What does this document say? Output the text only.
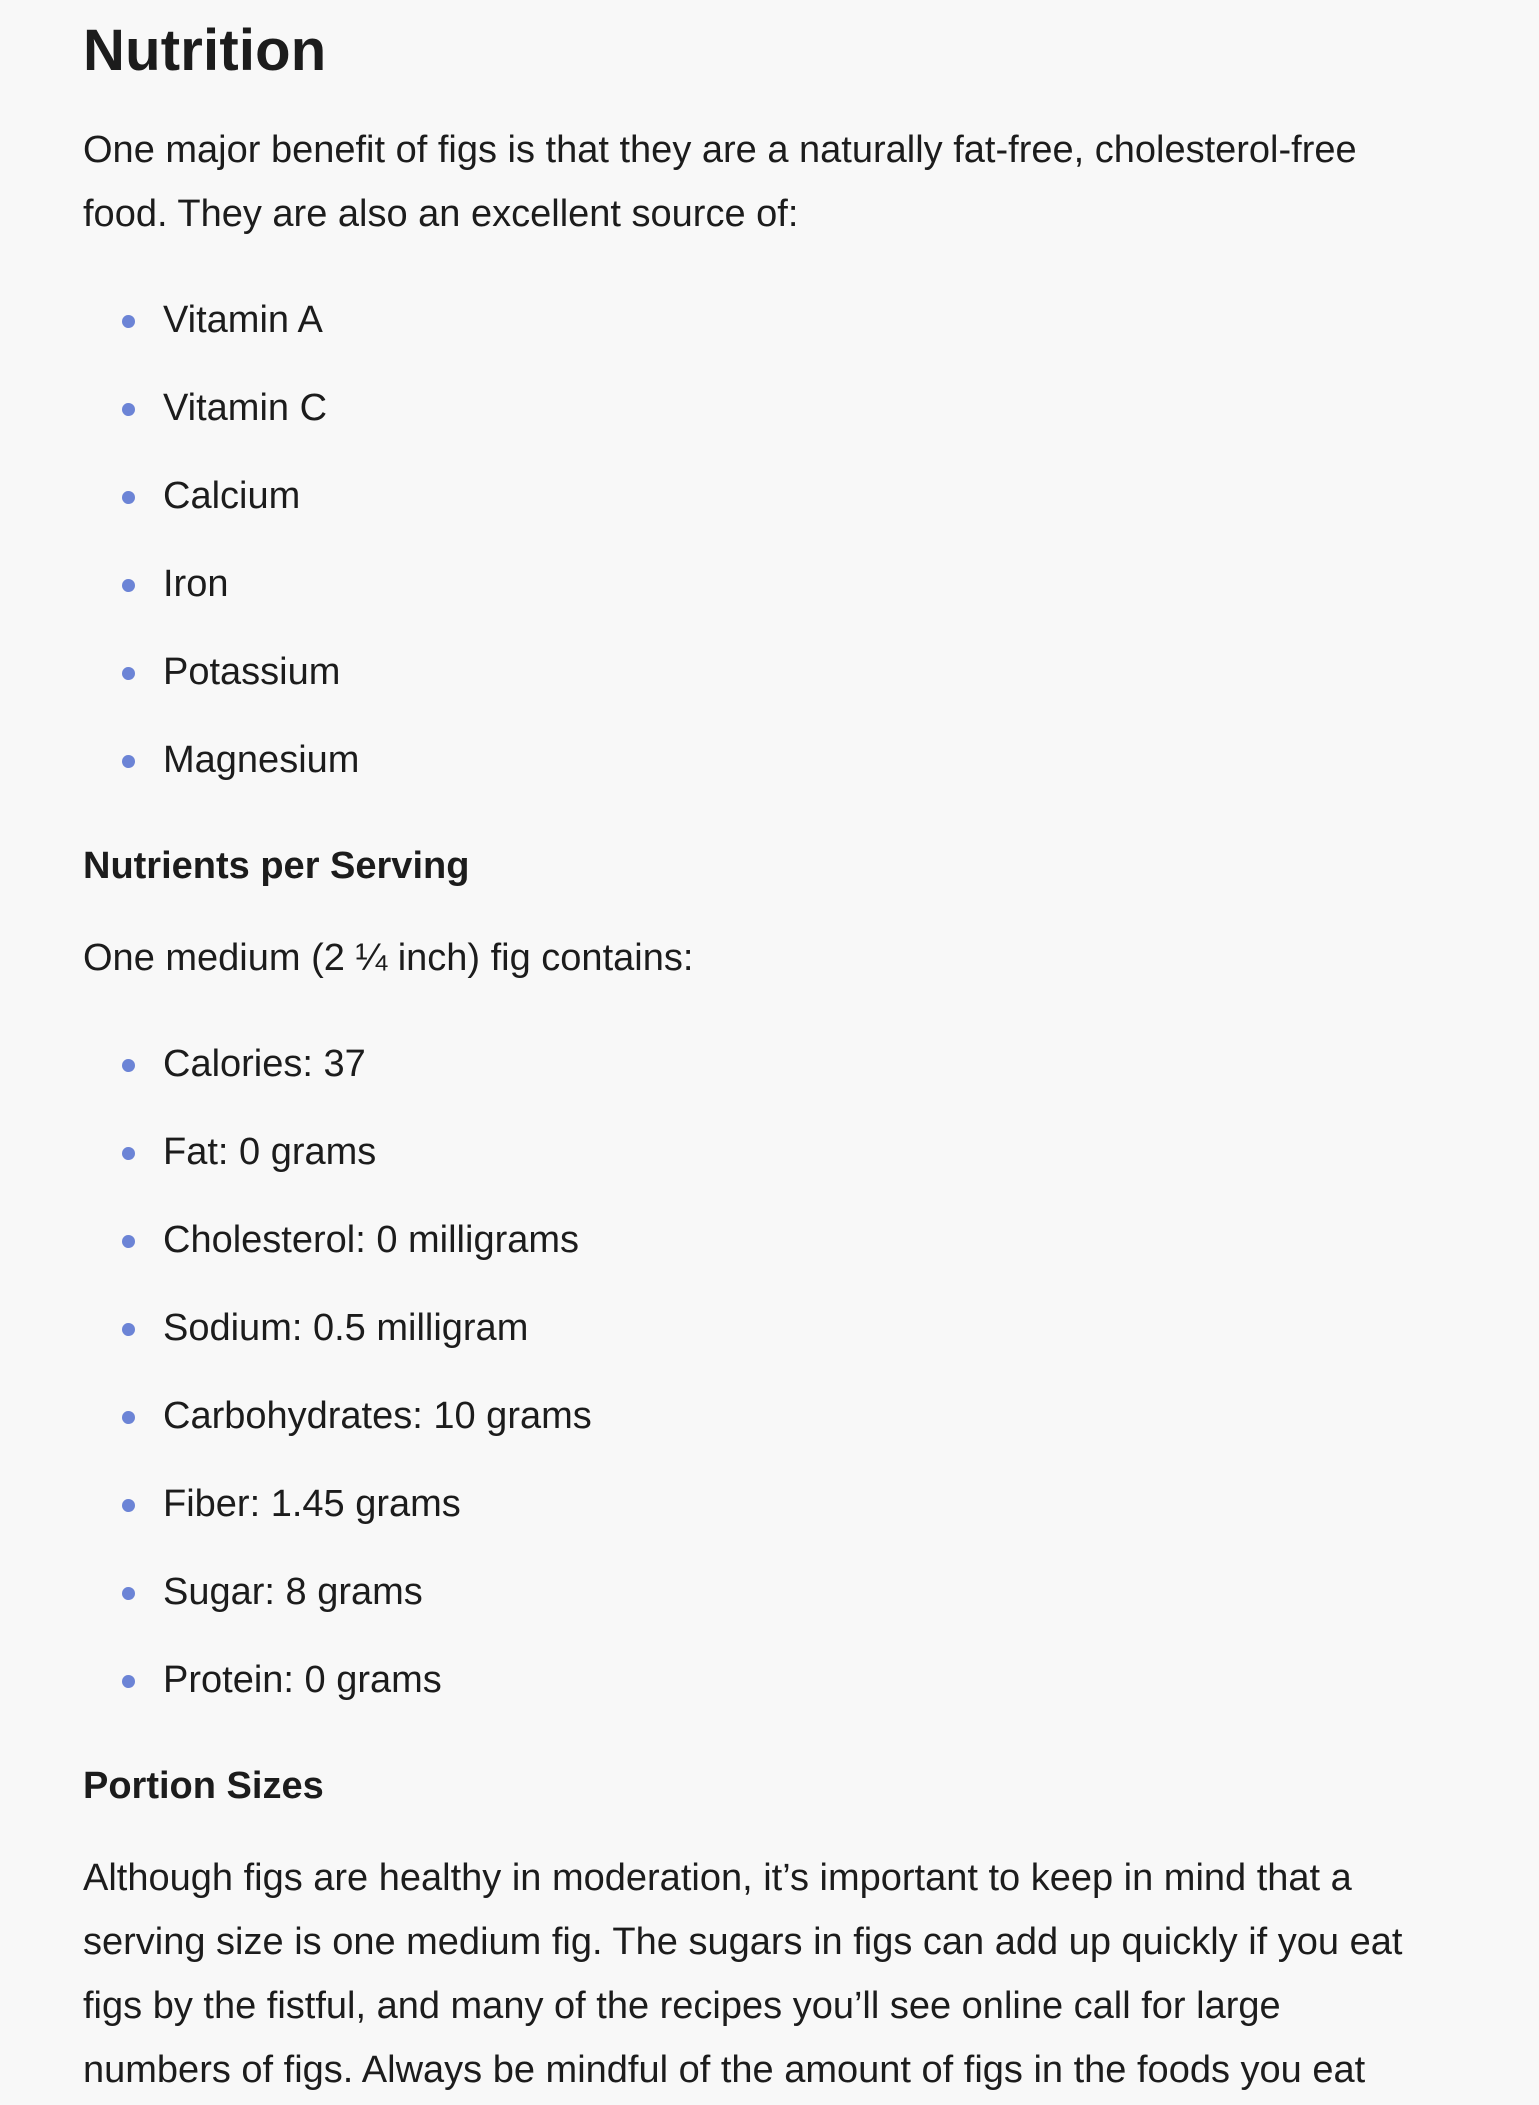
Nutrition

One major benefit of figs is that they are a naturally fat-free, cholesterol-free food. They are also an excellent source of:

Vitamin A
Vitamin C
Calcium
Iron
Potassium
Magnesium
Nutrients per Serving

One medium (2 ¼ inch) fig contains:

Calories: 37
Fat: 0 grams
Cholesterol: 0 milligrams
Sodium: 0.5 milligram
Carbohydrates: 10 grams
Fiber: 1.45 grams
Sugar: 8 grams
Protein: 0 grams
Portion Sizes

Although figs are healthy in moderation, it’s important to keep in mind that a serving size is one medium fig. The sugars in figs can add up quickly if you eat figs by the fistful, and many of the recipes you’ll see online call for large numbers of figs. Always be mindful of the amount of figs in the foods you eat
